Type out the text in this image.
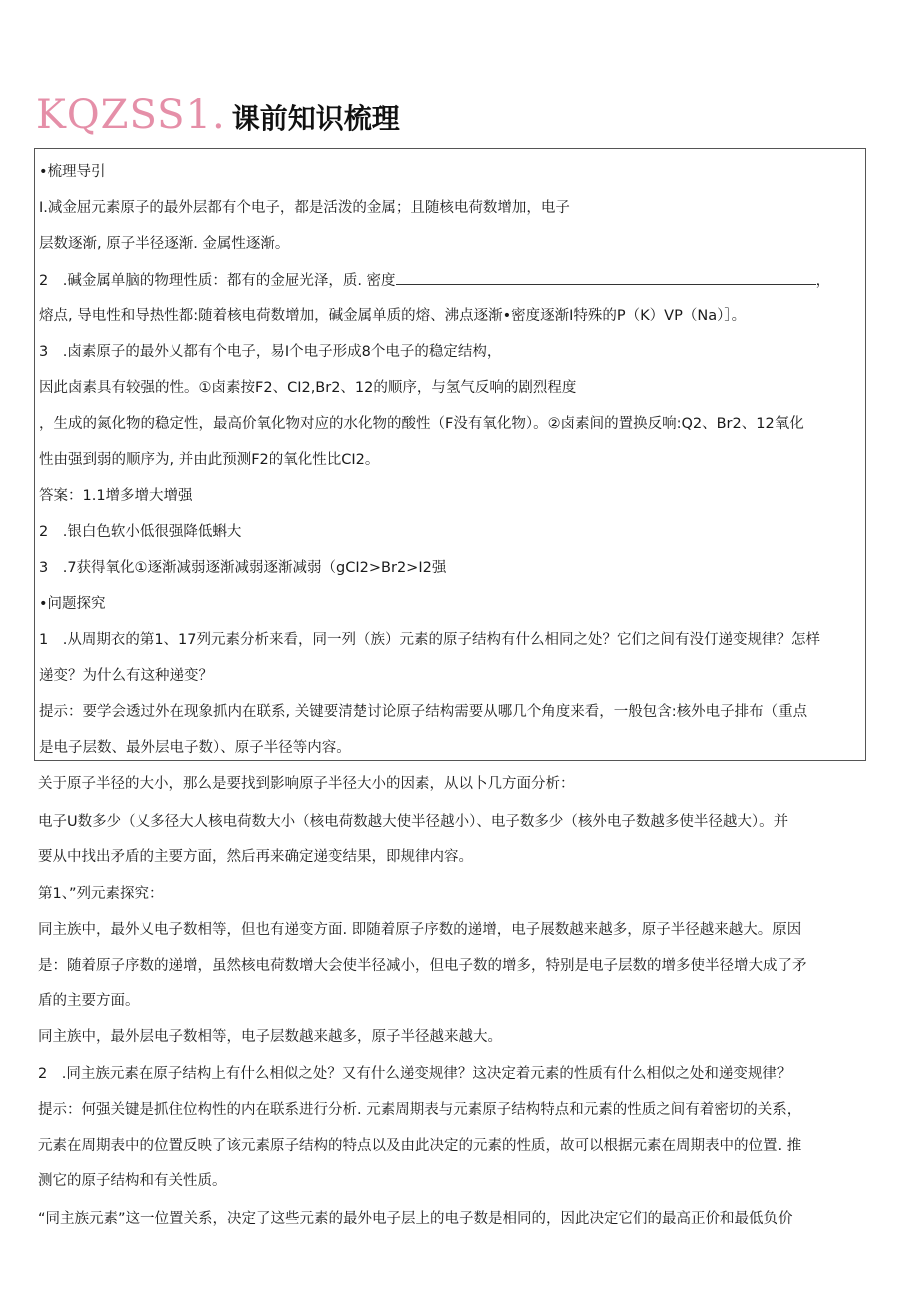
KQZSS1. 课前知识梳理
•梳理导引
I.减金屈元素原子的最外层都有个电子，都是活泼的金属；且随核电荷数增加，电子
层数逐渐, 原子半径逐渐. 金属性逐渐。
2　.碱金属单脑的物理性质：都有的金屉光泽，质. 密度	，
熔点, 导电性和导热性都:随着核电荷数增加，碱金属单质的熔、沸点逐渐•密度逐渐I特殊的P（K）VP（Na）］。
3　.卤素原子的最外乂都有个电子，易I个电子形成8个电子的稳定结构，
因此卤素具有较强的性。①卤素按F2、CI2,Br2、12的顺序，与氢气反响的剧烈程度
，生成的氮化物的稳定性，最高价氧化物对应的水化物的酸性（F没有氧化物）。②卤素间的置换反响:Q2、Br2、12氧化
性由强到弱的顺序为, 并由此预测F2的氧化性比CI2。
答案：1.1增多增大增强
2　.银白色软小低很强降低蝌大
3　.7获得氧化①逐渐减弱逐渐减弱逐渐减弱（gCI2>Br2>I2强
•问题探究
1　.从周期衣的第1、17列元素分析来看，同一列（族）元素的原子结构有什么相同之处？它们之间有没仃递变规律？怎样
递变？为什么有这种递变？
提示：要学会透过外在现象抓内在联系, 关键要清楚讨论原子结构需要从哪几个角度来看，一般包含:核外电子排布（重点
是电子层数、最外层电子数）、原子半径等内容。
关于原子半径的大小，那么是要找到影响原子半径大小的因素，从以卜几方面分析：
电子U数多少（乂多径大人核电荷数大小（核电荷数越大使半径越小）、电子数多少（核外电子数越多使半径越大）。并
要从中找出矛盾的主要方面，然后再来确定递变结果，即规律内容。
第1、”列元素探究：
同主族中，最外乂电子数相等，但也有递变方面. 即随着原子序数的递增，电子展数越来越多，原子半径越来越大。原因
是：随着原子序数的递增，虽然核电荷数增大会使半径减小，但电子数的增多，特别是电子层数的增多使半径增大成了矛
盾的主要方面。
同主族中，最外层电子数相等，电子层数越来越多，原子半径越来越大。
2　.同主族元素在原子结构上有什么相似之处？又有什么递变规律？这决定着元素的性质有什么相似之处和递变规律？
提示：何强关键是抓住位构性的内在联系进行分析. 元素周期表与元素原子结构特点和元素的性质之间有着密切的关系，
元素在周期表中的位置反映了该元素原子结构的特点以及由此决定的元素的性质，故可以根据元素在周期表中的位置. 推
测它的原子结构和有关性质。
“同主族元素”这一位置关系，决定了这些元素的最外电子层上的电子数是相同的，因此决定它们的最高正价和最低负价
